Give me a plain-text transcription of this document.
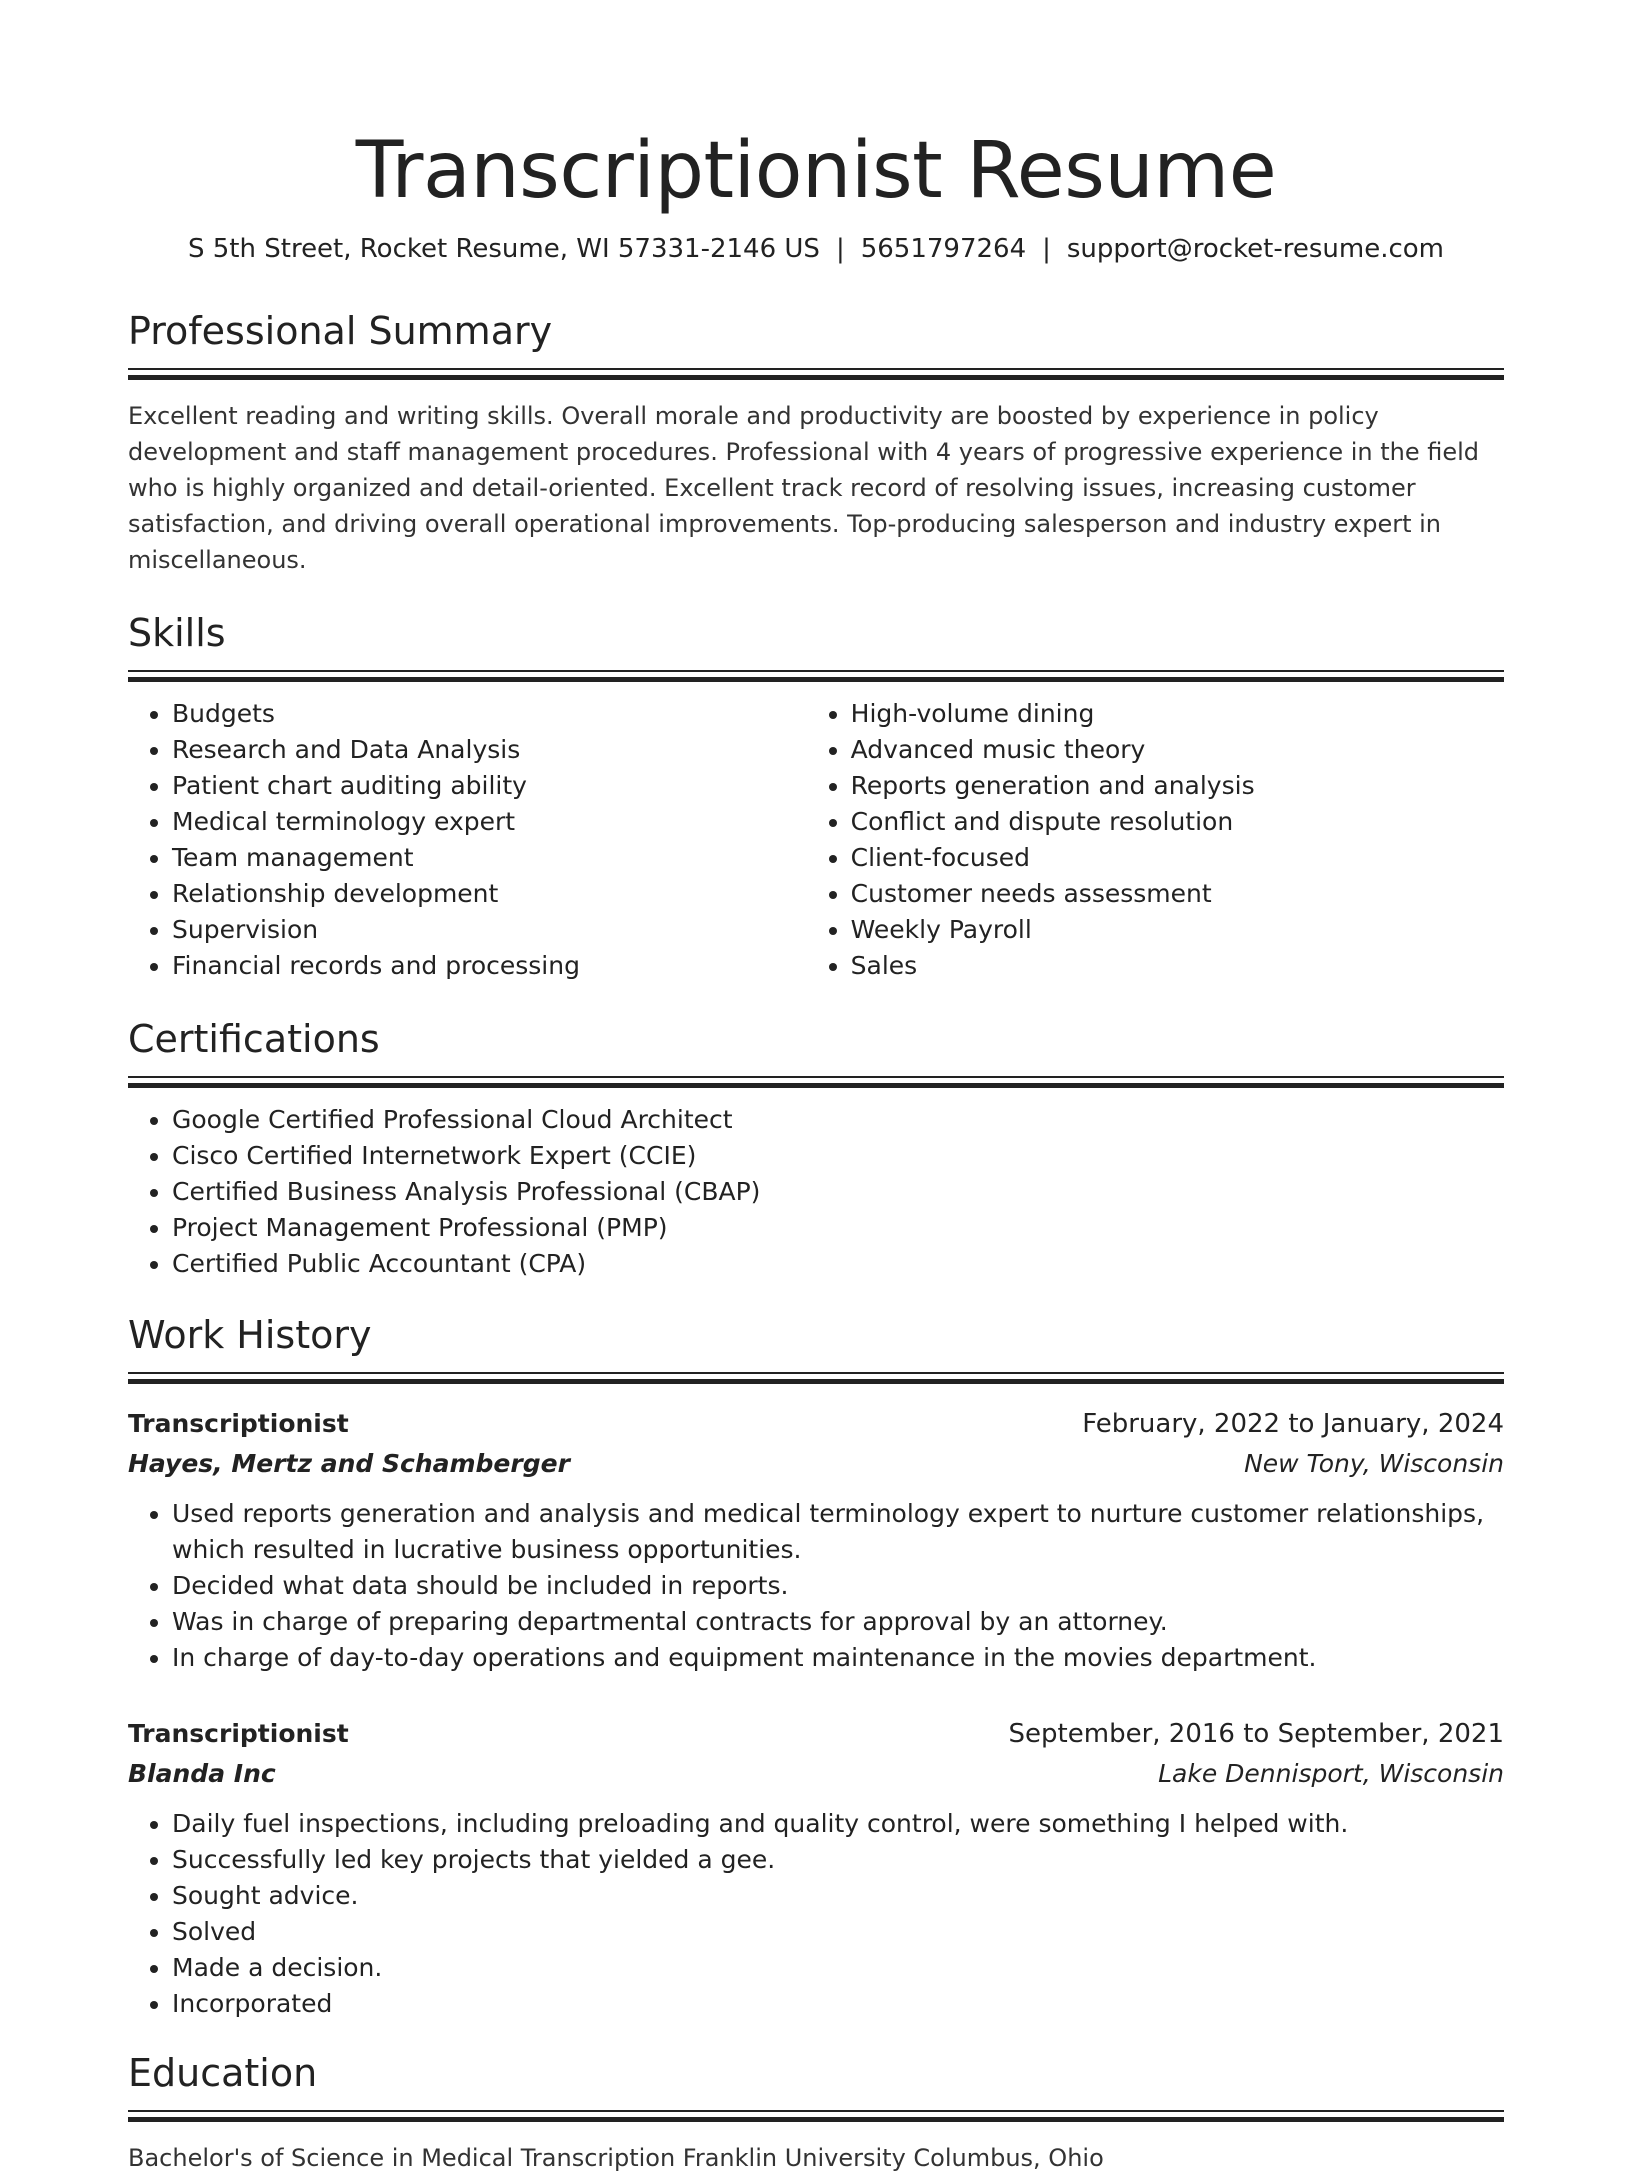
Transcriptionist Resume
S 5th Street, Rocket Resume, WI 57331-2146 US | 5651797264 | support@rocket-resume.com
Professional Summary

Excellent reading and writing skills. Overall morale and productivity are boosted by experience in policy development and staff management procedures. Professional with 4 years of progressive experience in the field who is highly organized and detail-oriented. Excellent track record of resolving issues, increasing customer satisfaction, and driving overall operational improvements. Top-producing salesperson and industry expert in miscellaneous.

Skills
• Budgets
• Research and Data Analysis
• Patient chart auditing ability
• Medical terminology expert
• Team management
• Relationship development
• Supervision
• Financial records and processing
• High-volume dining
• Advanced music theory
• Reports generation and analysis
• Conflict and dispute resolution
• Client-focused
• Customer needs assessment
• Weekly Payroll
• Sales
Certifications
• Google Certified Professional Cloud Architect
• Cisco Certified Internetwork Expert (CCIE)
• Certified Business Analysis Professional (CBAP)
• Project Management Professional (PMP)
• Certified Public Accountant (CPA)
Work History
Transcriptionist	February, 2022 to January, 2024
Hayes, Mertz and Schamberger	New Tony, Wisconsin
• Used reports generation and analysis and medical terminology expert to nurture customer relationships, which resulted in lucrative business opportunities.
• Decided what data should be included in reports.
• Was in charge of preparing departmental contracts for approval by an attorney.
• In charge of day-to-day operations and equipment maintenance in the movies department.
Transcriptionist	September, 2016 to September, 2021
Blanda Inc	Lake Dennisport, Wisconsin
• Daily fuel inspections, including preloading and quality control, were something I helped with.
• Successfully led key projects that yielded a gee.
• Sought advice.
• Solved
• Made a decision.
• Incorporated
Education

Bachelor's of Science in Medical Transcription Franklin University Columbus, Ohio
